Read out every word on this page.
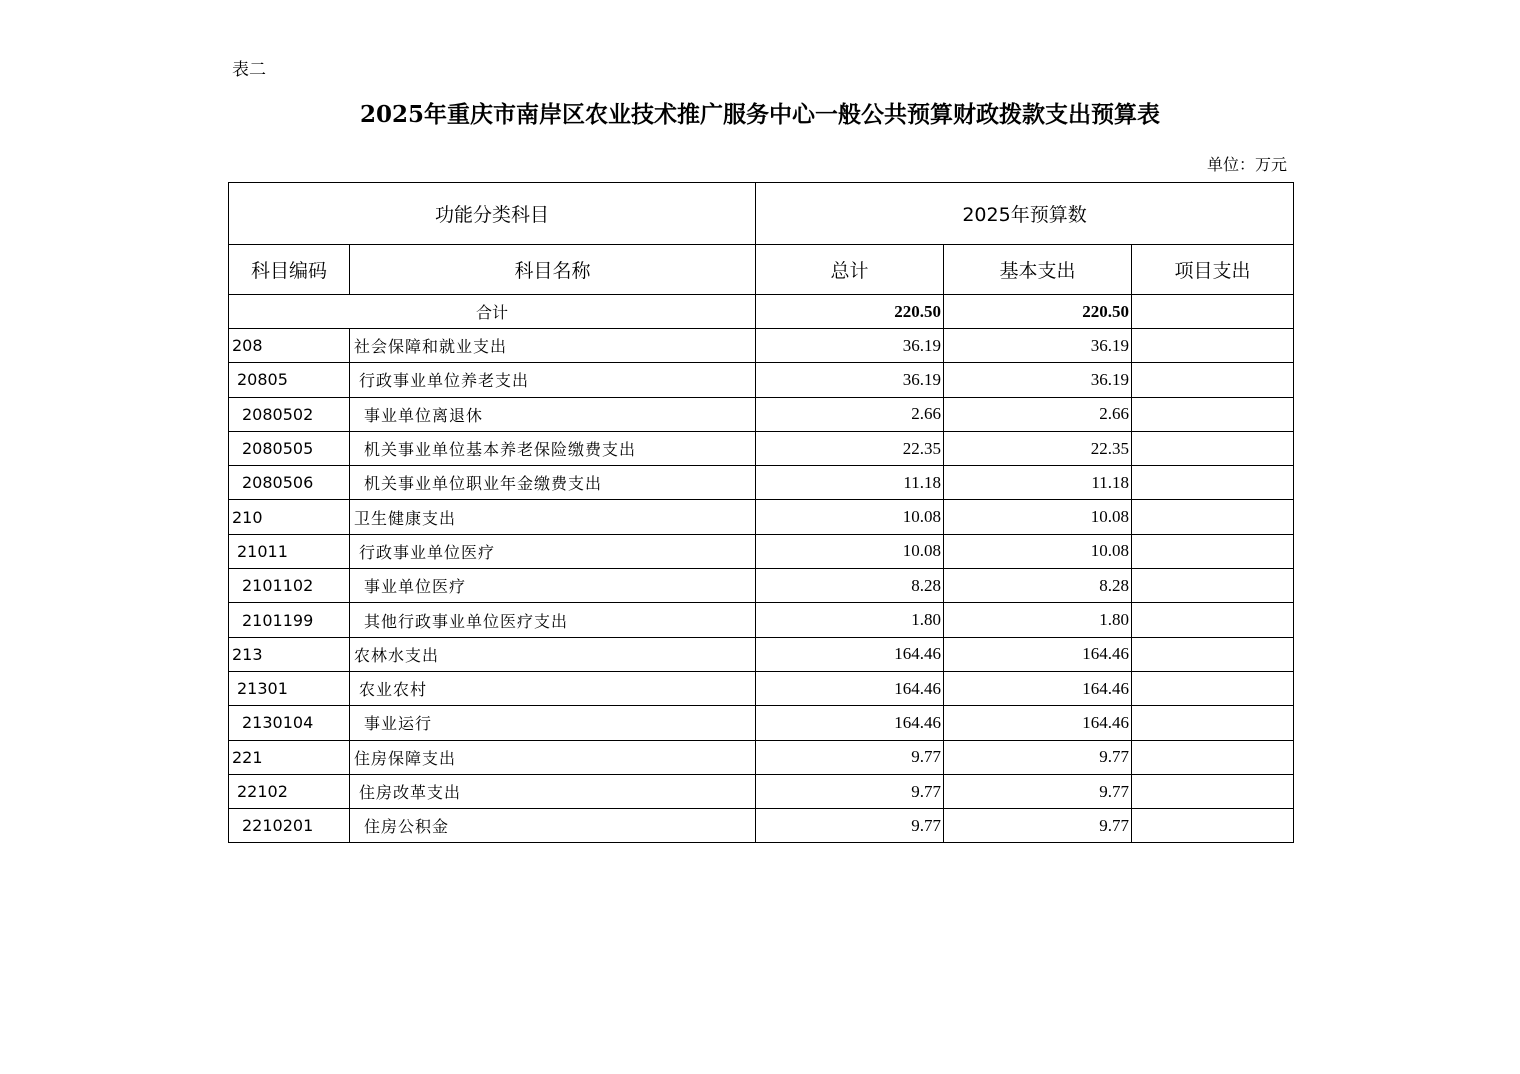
表二
2025年重庆市南岸区农业技术推广服务中心一般公共预算财政拨款支出预算表
单位：万元
功能分类科目		2025年预算数		
科目编码	科目名称	总计	基本支出	项目支出
合计		220.50	220.50	
208	社会保障和就业支出	36.19	36.19	
20805	行政事业单位养老支出	36.19	36.19	
2080502	事业单位离退休	2.66	2.66	
2080505	机关事业单位基本养老保险缴费支出	22.35	22.35	
2080506	机关事业单位职业年金缴费支出	11.18	11.18	
210	卫生健康支出	10.08	10.08	
21011	行政事业单位医疗	10.08	10.08	
2101102	事业单位医疗	8.28	8.28	
2101199	其他行政事业单位医疗支出	1.80	1.80	
213	农林水支出	164.46	164.46	
21301	农业农村	164.46	164.46	
2130104	事业运行	164.46	164.46	
221	住房保障支出	9.77	9.77	
22102	住房改革支出	9.77	9.77	
2210201	住房公积金	9.77	9.77	
